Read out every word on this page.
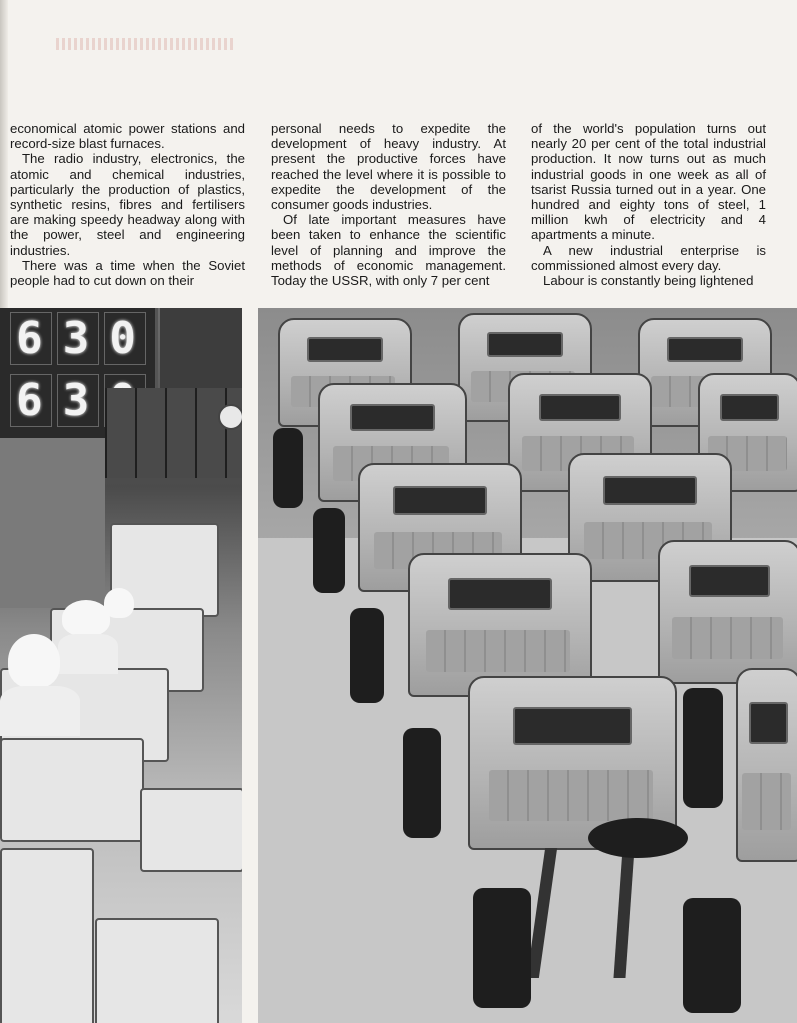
economical atomic power stations and record-size blast furnaces.

The radio industry, electronics, the atomic and chemical industries, particularly the production of plastics, synthetic resins, fibres and fertilisers are making speedy headway along with the power, steel and engineering industries.

There was a time when the Soviet people had to cut down on their

personal needs to expedite the development of heavy industry. At present the productive forces have reached the level where it is possible to expedite the development of the consumer goods industries.

Of late important measures have been taken to enhance the scientific level of planning and improve the methods of economic management. Today the USSR, with only 7 per cent

of the world's population turns out nearly 20 per cent of the total industrial production. It now turns out as much industrial goods in one week as all of tsarist Russia turned out in a year. One hundred and eighty tons of steel, 1 million kwh of electricity and 4 apartments a minute.

A new industrial enterprise is commissioned almost every day.

Labour is constantly being lightened

6 3 0
6 3
